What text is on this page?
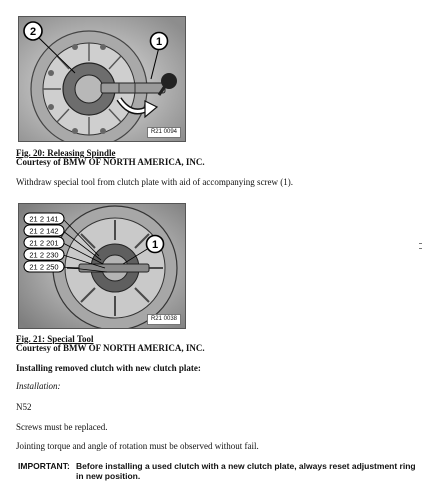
2
1
R21 0094
Fig. 20: Releasing Spindle
Courtesy of BMW OF NORTH AMERICA, INC.
Withdraw special tool from clutch plate with aid of accompanying screw (1).
21 2 141
21 2 142
21 2 201
21 2 230
21 2 250
1
R21 0038
Fig. 21: Special Tool
Courtesy of BMW OF NORTH AMERICA, INC.
Installing removed clutch with new clutch plate:
Installation:
N52
Screws must be replaced.
Jointing torque and angle of rotation must be observed without fail.
IMPORTANT: Before installing a used clutch with a new clutch plate, always reset adjustment ring in new position.
